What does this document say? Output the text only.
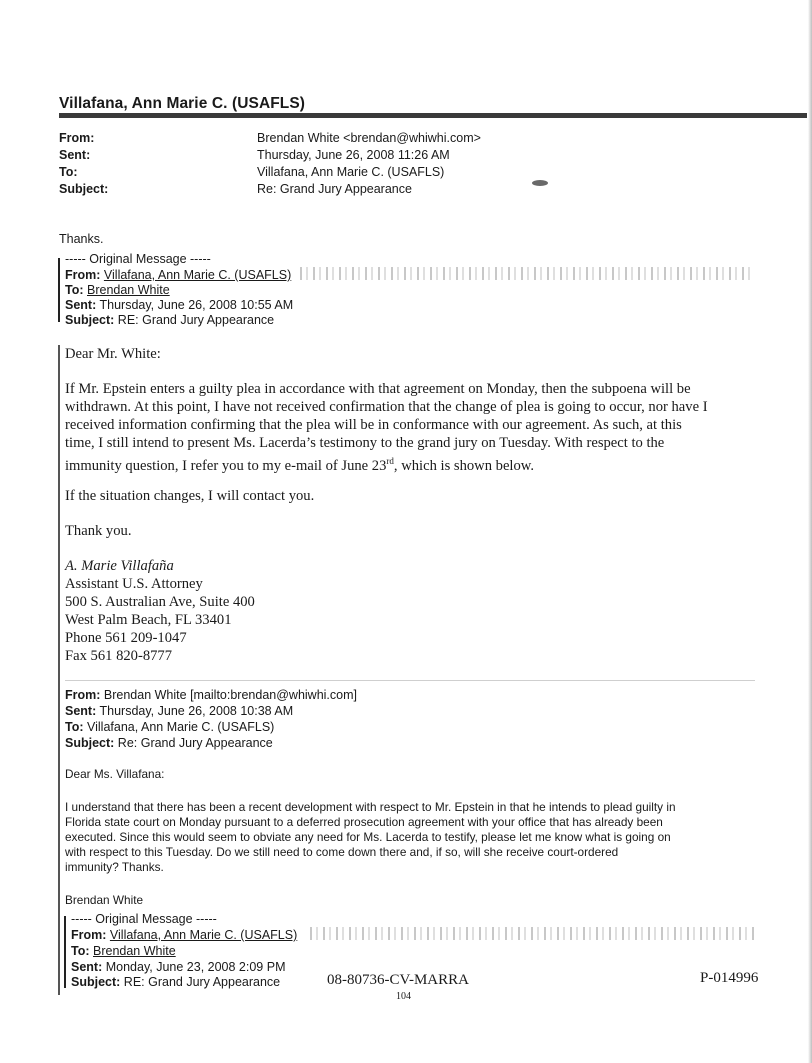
Villafana, Ann Marie C. (USAFLS)
From:	Brendan White <brendan@whiwhi.com>
Sent:	Thursday, June 26, 2008 11:26 AM
To:	Villafana, Ann Marie C. (USAFLS)
Subject:	Re: Grand Jury Appearance
Thanks.
----- Original Message -----
From: Villafana, Ann Marie C. (USAFLS)
To: Brendan White
Sent: Thursday, June 26, 2008 10:55 AM
Subject: RE: Grand Jury Appearance
Dear Mr. White:
If Mr. Epstein enters a guilty plea in accordance with that agreement on Monday, then the subpoena will be
withdrawn. At this point, I have not received confirmation that the change of plea is going to occur, nor have I
received information confirming that the plea will be in conformance with our agreement. As such, at this
time, I still intend to present Ms. Lacerda’s testimony to the grand jury on Tuesday. With respect to the
immunity question, I refer you to my e-mail of June 23rd, which is shown below.
If the situation changes, I will contact you.
Thank you.
A. Marie Villafaña
Assistant U.S. Attorney
500 S. Australian Ave, Suite 400
West Palm Beach, FL 33401
Phone 561 209-1047
Fax 561 820-8777
From: Brendan White [mailto:brendan@whiwhi.com]
Sent: Thursday, June 26, 2008 10:38 AM
To: Villafana, Ann Marie C. (USAFLS)
Subject: Re: Grand Jury Appearance
Dear Ms. Villafana:
I understand that there has been a recent development with respect to Mr. Epstein in that he intends to plead guilty in
Florida state court on Monday pursuant to a deferred prosecution agreement with your office that has already been
executed. Since this would seem to obviate any need for Ms. Lacerda to testify, please let me know what is going on
with respect to this Tuesday. Do we still need to come down there and, if so, will she receive court-ordered
immunity? Thanks.
Brendan White
----- Original Message -----
From: Villafana, Ann Marie C. (USAFLS)
To: Brendan White
Sent: Monday, June 23, 2008 2:09 PM
Subject: RE: Grand Jury Appearance	08-80736-CV-MARRA
104
P-014996
